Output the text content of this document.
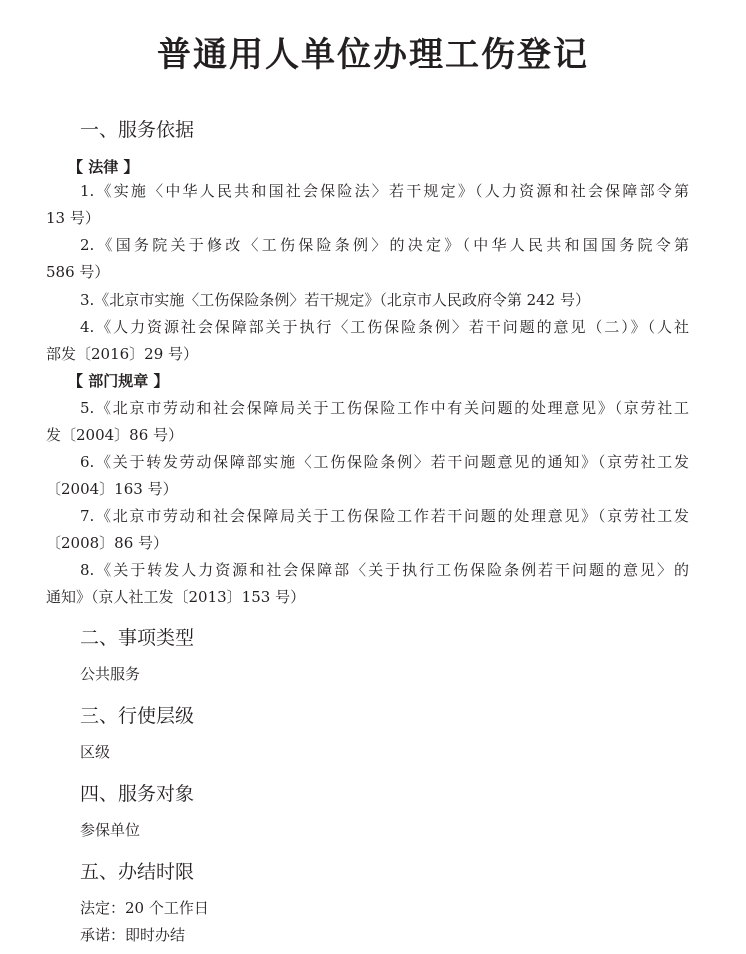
普通用人单位办理工伤登记
一、服务依据
【 法律 】
1.《实施〈中华人民共和国社会保险法〉若干规定》（人力资源和社会保障部令第
13 号）
2.《国务院关于修改〈工伤保险条例〉的决定》（中华人民共和国国务院令第
586 号）
3.《北京市实施〈工伤保险条例〉若干规定》（北京市人民政府令第 242 号）
4.《人力资源社会保障部关于执行〈工伤保险条例〉若干问题的意见（二）》（人社
部发〔2016〕29 号）
【 部门规章 】
5.《北京市劳动和社会保障局关于工伤保险工作中有关问题的处理意见》（京劳社工
发〔2004〕86 号）
6.《关于转发劳动保障部实施〈工伤保险条例〉若干问题意见的通知》（京劳社工发
〔2004〕163 号）
7.《北京市劳动和社会保障局关于工伤保险工作若干问题的处理意见》（京劳社工发
〔2008〕86 号）
8.《关于转发人力资源和社会保障部〈关于执行工伤保险条例若干问题的意见〉的
通知》（京人社工发〔2013〕153 号）
二、事项类型

公共服务

三、行使层级

区级

四、服务对象

参保单位

五、办结时限

法定：20 个工作日

承诺：即时办结
